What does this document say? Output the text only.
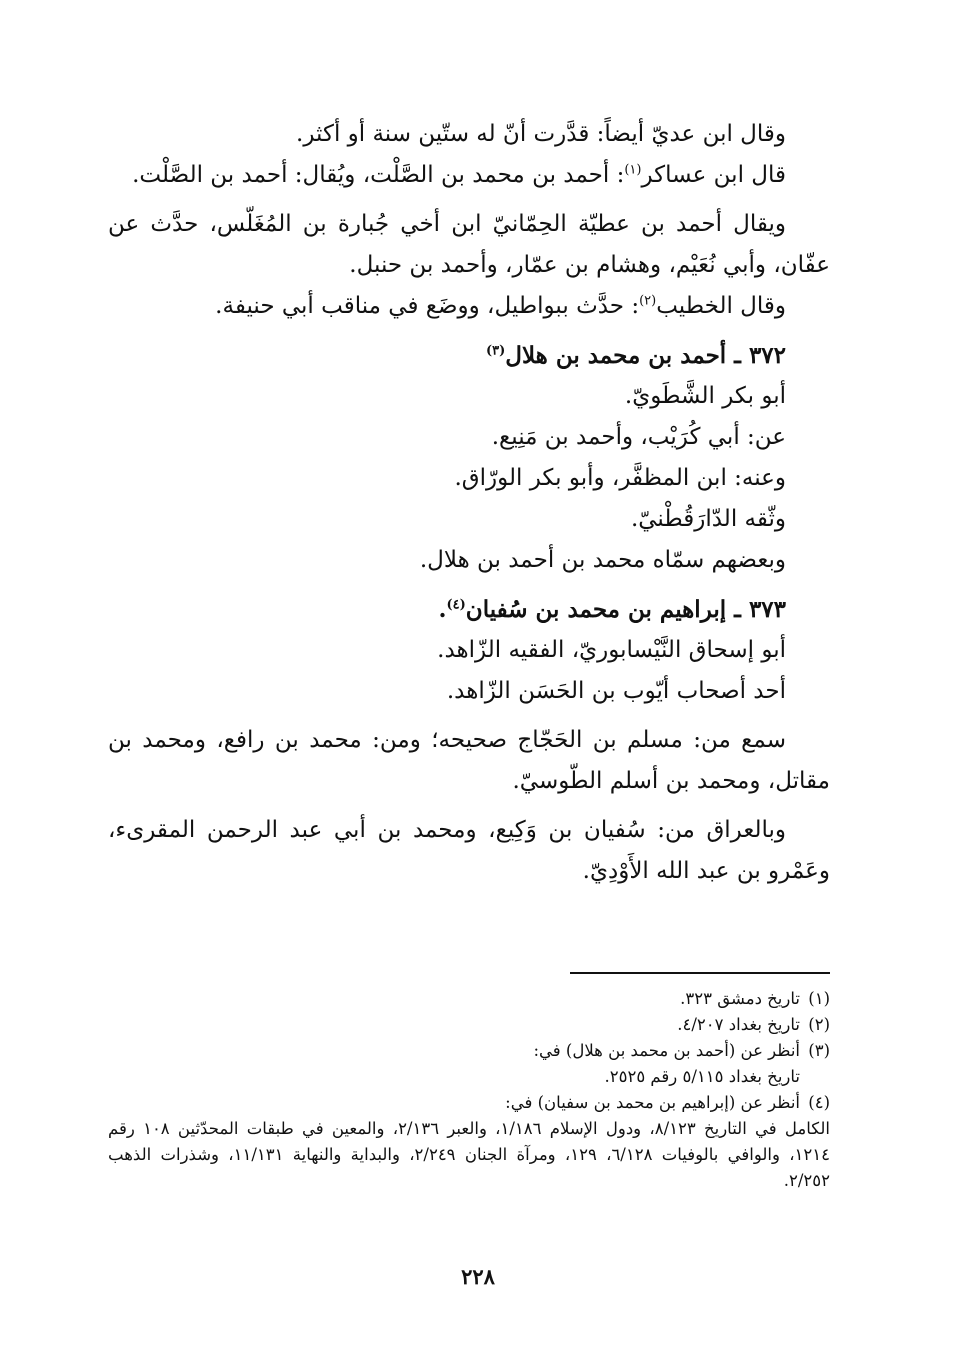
وقال ابن عديّ أيضاً: قدَّرت أنّ له ستّين سنة أو أكثر.

قال ابن عساكر$^{(١)}$: أحمد بن محمد بن الصَّلْت، ويُقال: أحمد بن الصَّلْت.

ويقال أحمد بن عطيّة الحِمّانيّ ابن أخي جُبارة بن المُغَلّس، حدَّث عن عفّان، وأبي نُعَيْم، وهشام بن عمّار، وأحمد بن حنبل.

وقال الخطيب$^{(٢)}$: حدَّث ببواطيل، ووضَع في مناقب أبي حنيفة.

٣٧٢ ـ أحمد بن محمد بن هلال$^{(٣)}$

أبو بكر الشَّطَويّ.

عن: أبي كُرَيْب، وأحمد بن مَنِيع.

وعنه: ابن المظفَّر، وأبو بكر الورّاق.

وثّقه الدّارَقُطْنيّ.

وبعضهم سمّاه محمد بن أحمد بن هلال.

٣٧٣ ـ إبراهيم بن محمد بن سُفيان$^{(٤)}$.

أبو إسحاق النَّيْسابوريّ، الفقيه الزّاهد.

أحد أصحاب أيّوب بن الحَسَن الزّاهد.

سمع من: مسلم بن الحَجّاج صحيحه؛ ومن: محمد بن رافع، ومحمد بن مقاتل، ومحمد بن أسلم الطّوسيّ.

وبالعراق من: سُفيان بن وَكِيع، ومحمد بن أبي عبد الرحمن المقرىء، وعَمْرو بن عبد الله الأَوْدِيّ.

(١)تاريخ دمشق ٣٢٣.

(٢)تاريخ بغداد ٤/٢٠٧.

(٣)أنظر عن (أحمد بن محمد بن هلال) في:

تاريخ بغداد ٥/١١٥ رقم ٢٥٢٥.

(٤)أنظر عن (إبراهيم بن محمد بن سفيان) في:

الكامل في التاريخ ٨/١٢٣، ودول الإسلام ١/١٨٦، والعبر ٢/١٣٦، والمعين في طبقات المحدّثين ١٠٨ رقم ١٢١٤، والوافي بالوفيات ٦/١٢٨، ١٢٩، ومرآة الجنان ٢/٢٤٩، والبداية والنهاية ١١/١٣١، وشذرات الذهب ٢/٢٥٢.

٢٢٨
